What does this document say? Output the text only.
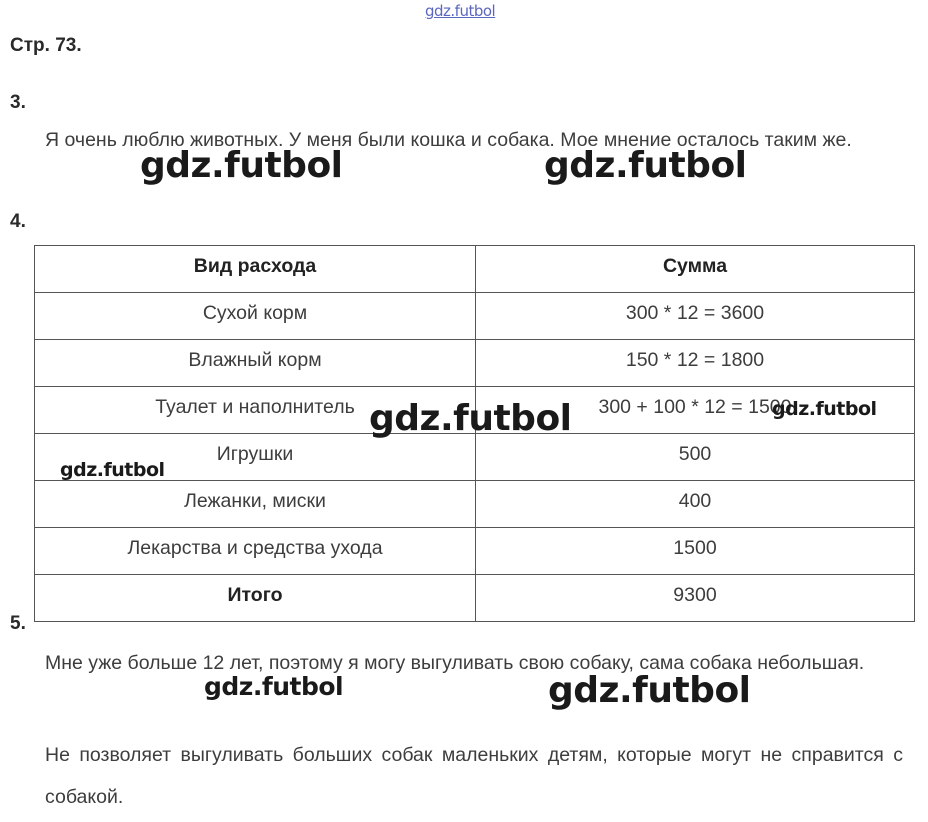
gdz.futbol
Стр. 73.
3.
Я очень люблю животных. У меня были кошка и собака. Мое мнение осталось таким же.
4.
Вид расхода	Сумма
Сухой корм	300 * 12 = 3600
Влажный корм	150 * 12 = 1800
Туалет и наполнитель	300 + 100 * 12 = 1500
Игрушки	500
Лежанки, миски	400
Лекарства и средства ухода	1500
Итого	9300
5.
Мне уже больше 12 лет, поэтому я могу выгуливать свою собаку, сама собака небольшая.
Не позволяет выгуливать больших собак маленьких детям, которые могут не справится с собакой.
gdz.futbol	gdz.futbol
gdz.futbol	gdz.futbol
gdz.futbol
gdz.futbol	gdz.futbol
